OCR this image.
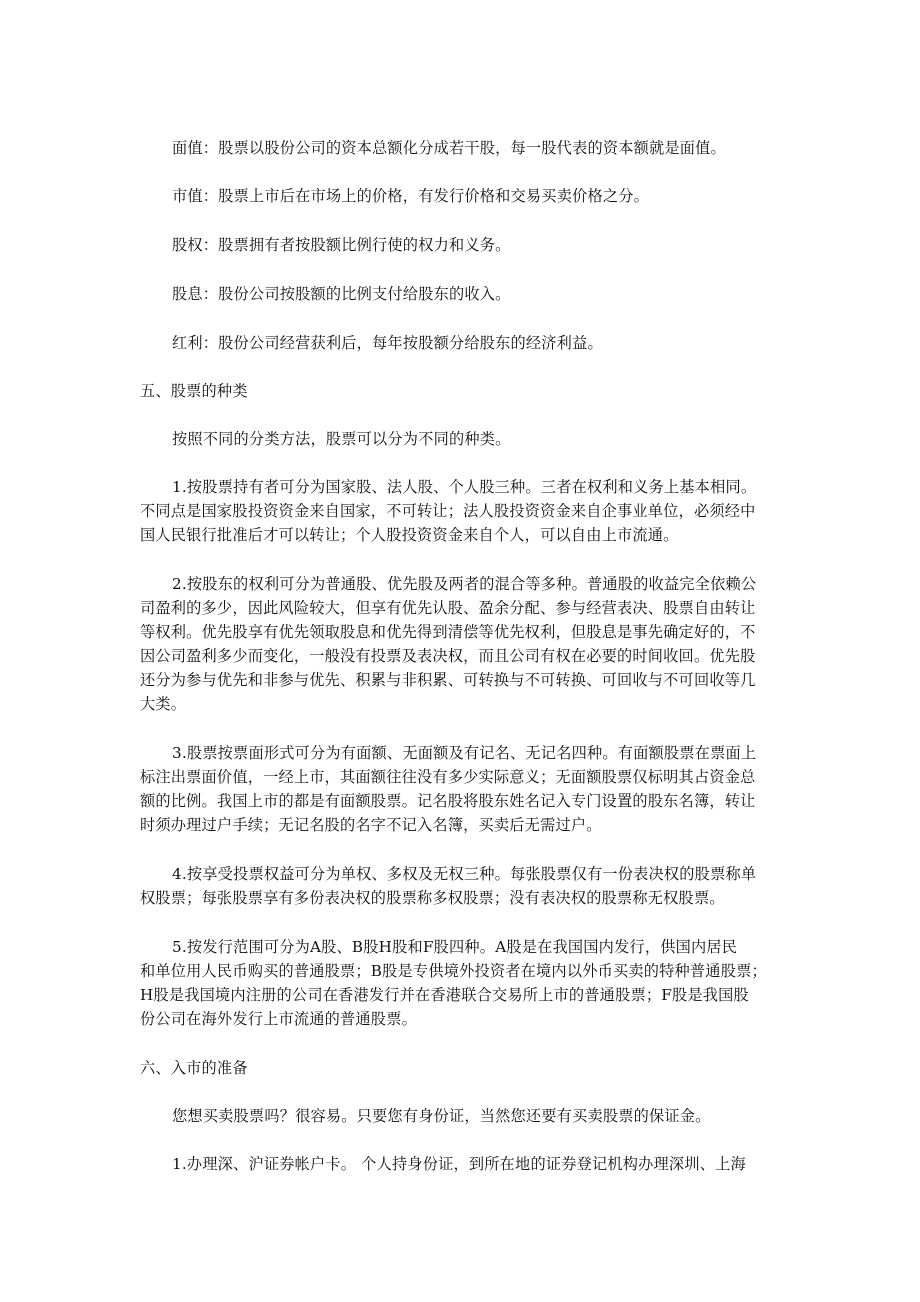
面值：股票以股份公司的资本总额化分成若干股，每一股代表的资本额就是面值。
市值：股票上市后在市场上的价格，有发行价格和交易买卖价格之分。
股权：股票拥有者按股额比例行使的权力和义务。
股息：股份公司按股额的比例支付给股东的收入。
红利：股份公司经营获利后，每年按股额分给股东的经济利益。
五、股票的种类
按照不同的分类方法，股票可以分为不同的种类。
1.按股票持有者可分为国家股、法人股、个人股三种。三者在权利和义务上基本相同。
不同点是国家股投资资金来自国家，不可转让；法人股投资资金来自企事业单位，必须经中
国人民银行批准后才可以转让；个人股投资资金来自个人，可以自由上市流通。
2.按股东的权利可分为普通股、优先股及两者的混合等多种。普通股的收益完全依赖公
司盈利的多少，因此风险较大，但享有优先认股、盈余分配、参与经营表决、股票自由转让
等权利。优先股享有优先领取股息和优先得到清偿等优先权利，但股息是事先确定好的，不
因公司盈利多少而变化，一般没有投票及表决权，而且公司有权在必要的时间收回。优先股
还分为参与优先和非参与优先、积累与非积累、可转换与不可转换、可回收与不可回收等几
大类。
3.股票按票面形式可分为有面额、无面额及有记名、无记名四种。有面额股票在票面上
标注出票面价值，一经上市，其面额往往没有多少实际意义；无面额股票仅标明其占资金总
额的比例。我国上市的都是有面额股票。记名股将股东姓名记入专门设置的股东名簿，转让
时须办理过户手续；无记名股的名字不记入名簿，买卖后无需过户。
4.按享受投票权益可分为单权、多权及无权三种。每张股票仅有一份表决权的股票称单
权股票；每张股票享有多份表决权的股票称多权股票；没有表决权的股票称无权股票。
5.按发行范围可分为A股、B股H股和F股四种。A股是在我国国内发行，供国内居民
和单位用人民币购买的普通股票；B股是专供境外投资者在境内以外币买卖的特种普通股票；
H股是我国境内注册的公司在香港发行并在香港联合交易所上市的普通股票；F股是我国股
份公司在海外发行上市流通的普通股票。
六、入市的准备
您想买卖股票吗？很容易。只要您有身份证，当然您还要有买卖股票的保证金。
1.办理深、沪证券帐户卡。 个人持身份证，到所在地的证券登记机构办理深圳、上海
